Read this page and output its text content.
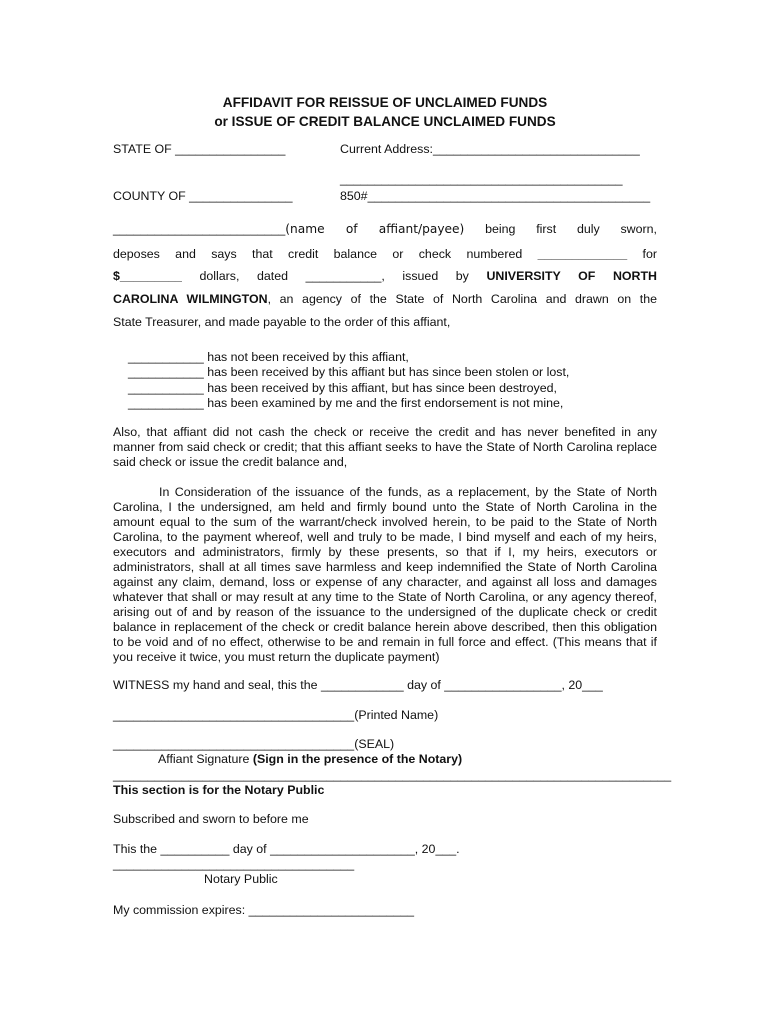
AFFIDAVIT FOR REISSUE OF UNCLAIMED FUNDS
or ISSUE OF CREDIT BALANCE UNCLAIMED FUNDS
STATE OF ________________	Current Address:______________________________
_________________________________________
COUNTY OF _______________	850#_________________________________________
_________________________(name of affiant/payee) being first duly sworn,
deposes and says that credit balance or check numbered _____________ for
$_________ dollars, dated ___________, issued by UNIVERSITY OF NORTH
CAROLINA WILMINGTON, an agency of the State of North Carolina and drawn on the
State Treasurer, and made payable to the order of this affiant,
___________ has not been received by this affiant,
___________ has been received by this affiant but has since been stolen or lost,
___________ has been received by this affiant, but has since been destroyed,
___________ has been examined by me and the first endorsement is not mine,
Also, that affiant did not cash the check or receive the credit and has never benefited in any manner from said check or credit; that this affiant seeks to have the State of North Carolina replace said check or issue the credit balance and,
In Consideration of the issuance of the funds, as a replacement, by the State of North Carolina, I the undersigned, am held and firmly bound unto the State of North Carolina in the amount equal to the sum of the warrant/check involved herein, to be paid to the State of North Carolina, to the payment whereof, well and truly to be made, I bind myself and each of my heirs, executors and administrators, firmly by these presents, so that if I, my heirs, executors or administrators, shall at all times save harmless and keep indemnified the State of North Carolina against any claim, demand, loss or expense of any character, and against all loss and damages whatever that shall or may result at any time to the State of North Carolina, or any agency thereof, arising out of and by reason of the issuance to the undersigned of the duplicate check or credit balance in replacement of the check or credit balance herein above described, then this obligation to be void and of no effect, otherwise to be and remain in full force and effect. (This means that if you receive it twice, you must return the duplicate payment)
WITNESS my hand and seal, this the ____________ day of _________________, 20___
___________________________________(Printed Name)
___________________________________(SEAL)
Affiant Signature (Sign in the presence of the Notary)
_________________________________________________________________________________
This section is for the Notary Public
Subscribed and sworn to before me
This the __________ day of _____________________, 20___.
___________________________________
Notary Public
My commission expires: ________________________
